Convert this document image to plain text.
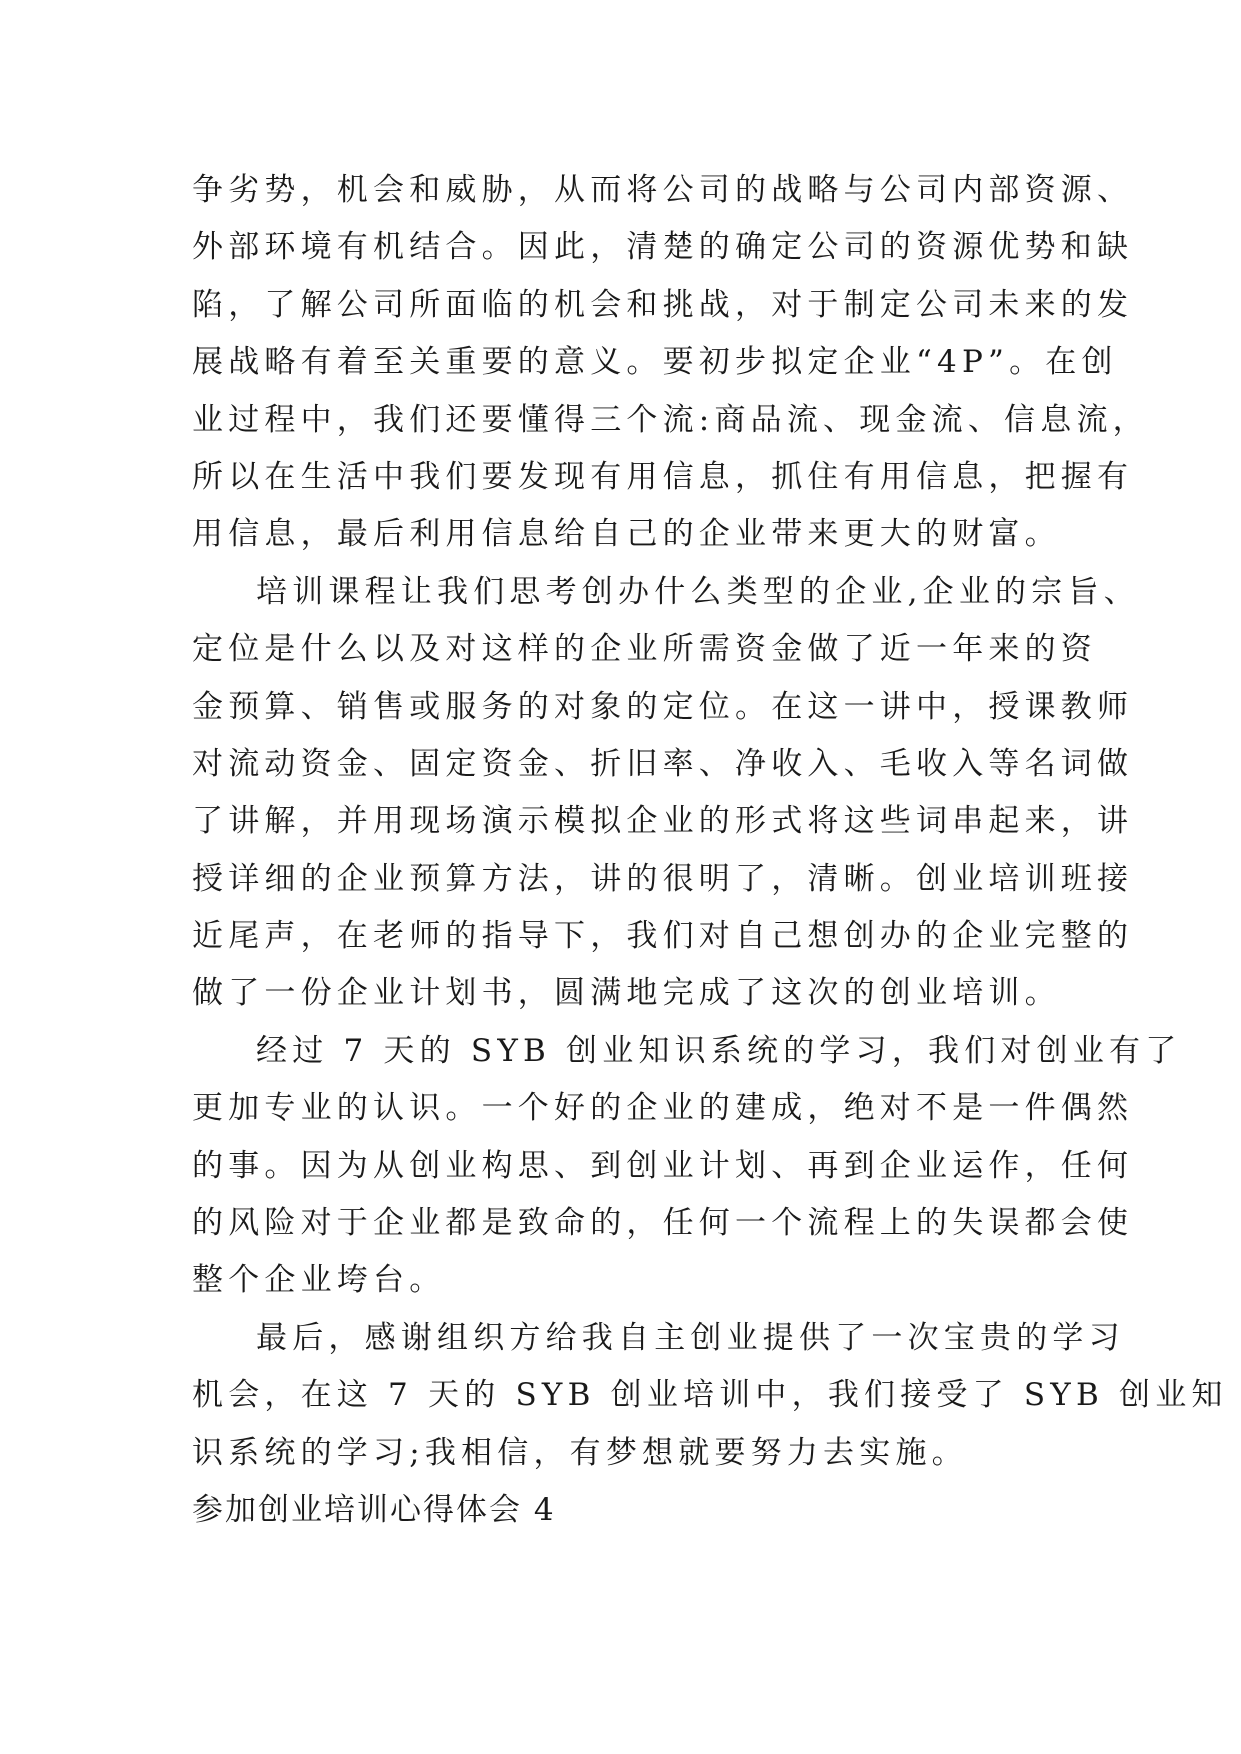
争劣势，机会和威胁，从而将公司的战略与公司内部资源、
外部环境有机结合。因此，清楚的确定公司的资源优势和缺
陷，了解公司所面临的机会和挑战，对于制定公司未来的发
展战略有着至关重要的意义。要初步拟定企业“4P”。在创
业过程中，我们还要懂得三个流:商品流、现金流、信息流，
所以在生活中我们要发现有用信息，抓住有用信息，把握有
用信息，最后利用信息给自己的企业带来更大的财富。
培训课程让我们思考创办什么类型的企业,企业的宗旨、
定位是什么以及对这样的企业所需资金做了近一年来的资
金预算、销售或服务的对象的定位。在这一讲中，授课教师
对流动资金、固定资金、折旧率、净收入、毛收入等名词做
了讲解，并用现场演示模拟企业的形式将这些词串起来，讲
授详细的企业预算方法，讲的很明了，清晰。创业培训班接
近尾声，在老师的指导下，我们对自己想创办的企业完整的
做了一份企业计划书，圆满地完成了这次的创业培训。
经过 7 天的 SYB 创业知识系统的学习，我们对创业有了
更加专业的认识。一个好的企业的建成，绝对不是一件偶然
的事。因为从创业构思、到创业计划、再到企业运作，任何
的风险对于企业都是致命的，任何一个流程上的失误都会使
整个企业垮台。
最后，感谢组织方给我自主创业提供了一次宝贵的学习
机会，在这 7 天的 SYB 创业培训中，我们接受了 SYB 创业知
识系统的学习;我相信，有梦想就要努力去实施。
参加创业培训心得体会 4
